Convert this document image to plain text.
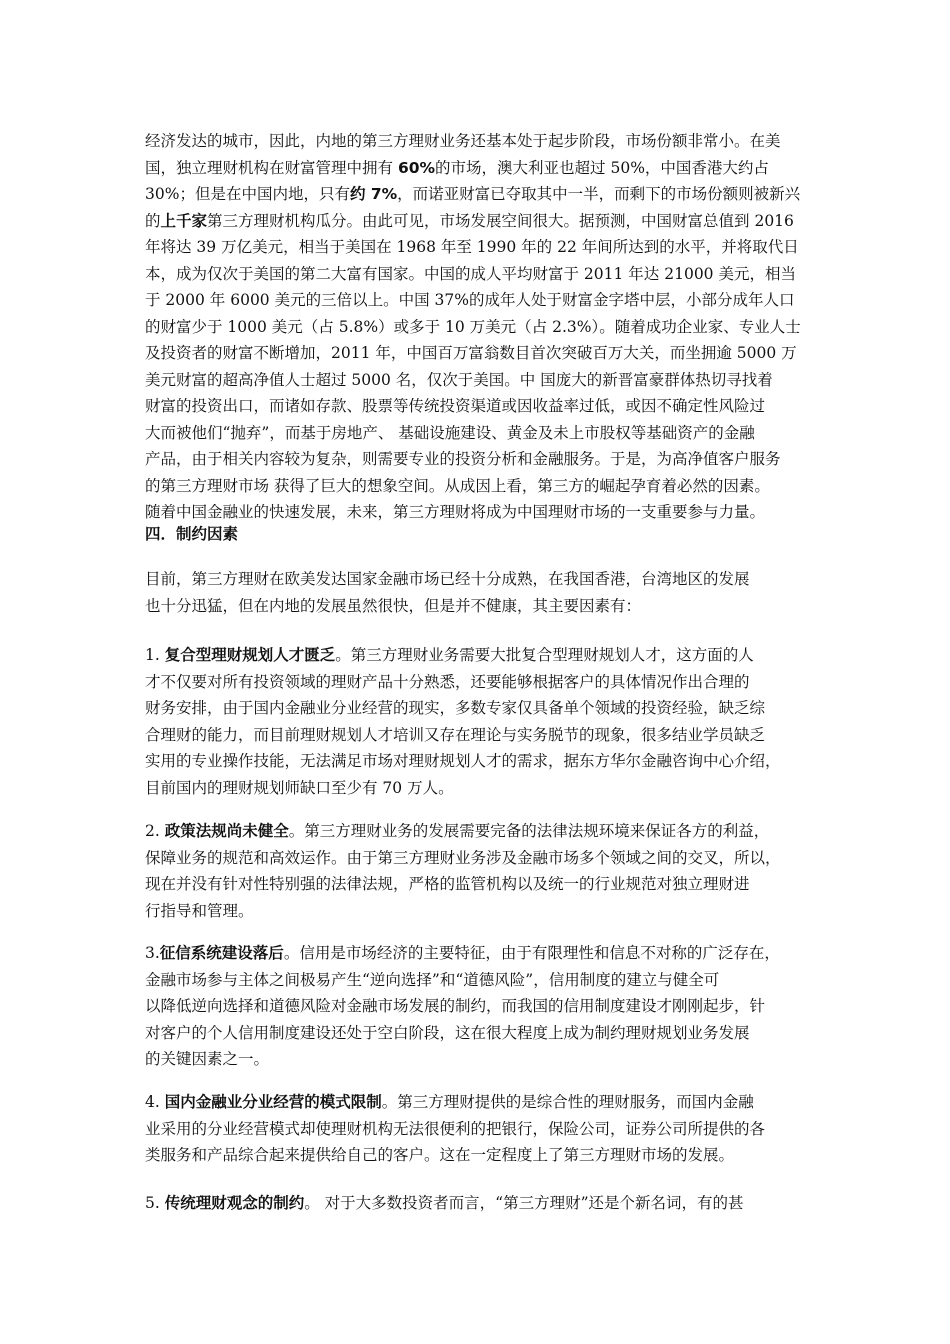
经济发达的城市，因此，内地的第三方理财业务还基本处于起步阶段，市场份额非常小。在美
国，独立理财机构在财富管理中拥有 60%的市场，澳大利亚也超过 50%，中国香港大约占
30%；但是在中国内地，只有约 7%，而诺亚财富已夺取其中一半，而剩下的市场份额则被新兴
的上千家第三方理财机构瓜分。由此可见，市场发展空间很大。据预测，中国财富总值到 2016
年将达 39 万亿美元，相当于美国在 1968 年至 1990 年的 22 年间所达到的水平，并将取代日
本，成为仅次于美国的第二大富有国家。中国的成人平均财富于 2011 年达 21000 美元，相当
于 2000 年 6000 美元的三倍以上。中国 37%的成年人处于财富金字塔中层，小部分成年人口
的财富少于 1000 美元（占 5.8%）或多于 10 万美元（占 2.3%）。随着成功企业家、专业人士
及投资者的财富不断增加，2011 年，中国百万富翁数目首次突破百万大关，而坐拥逾 5000 万
美元财富的超高净值人士超过 5000 名，仅次于美国。中 国庞大的新晋富豪群体热切寻找着
财富的投资出口，而诸如存款、股票等传统投资渠道或因收益率过低，或因不确定性风险过
大而被他们“抛弃”，而基于房地产、 基础设施建设、黄金及未上市股权等基础资产的金融
产品，由于相关内容较为复杂，则需要专业的投资分析和金融服务。于是，为高净值客户服务
的第三方理财市场 获得了巨大的想象空间。从成因上看，第三方的崛起孕育着必然的因素。
随着中国金融业的快速发展，未来，第三方理财将成为中国理财市场的一支重要参与力量。
四．制约因素
目前，第三方理财在欧美发达国家金融市场已经十分成熟，在我国香港，台湾地区的发展
也十分迅猛，但在内地的发展虽然很快，但是并不健康，其主要因素有：
1. 复合型理财规划人才匮乏。第三方理财业务需要大批复合型理财规划人才，这方面的人
才不仅要对所有投资领域的理财产品十分熟悉，还要能够根据客户的具体情况作出合理的
财务安排，由于国内金融业分业经营的现实，多数专家仅具备单个领域的投资经验，缺乏综
合理财的能力，而目前理财规划人才培训又存在理论与实务脱节的现象，很多结业学员缺乏
实用的专业操作技能，无法满足市场对理财规划人才的需求，据东方华尔金融咨询中心介绍，
目前国内的理财规划师缺口至少有 70 万人。
2. 政策法规尚未健全。第三方理财业务的发展需要完备的法律法规环境来保证各方的利益，
保障业务的规范和高效运作。由于第三方理财业务涉及金融市场多个领域之间的交叉，所以，
现在并没有针对性特别强的法律法规，严格的监管机构以及统一的行业规范对独立理财进
行指导和管理。
3.征信系统建设落后。信用是市场经济的主要特征，由于有限理性和信息不对称的广泛存在，
金融市场参与主体之间极易产生“逆向选择”和“道德风险”，信用制度的建立与健全可
以降低逆向选择和道德风险对金融市场发展的制约，而我国的信用制度建设才刚刚起步，针
对客户的个人信用制度建设还处于空白阶段，这在很大程度上成为制约理财规划业务发展
的关键因素之一。
4. 国内金融业分业经营的模式限制。第三方理财提供的是综合性的理财服务，而国内金融
业采用的分业经营模式却使理财机构无法很便利的把银行，保险公司，证券公司所提供的各
类服务和产品综合起来提供给自己的客户。这在一定程度上了第三方理财市场的发展。
5. 传统理财观念的制约。 对于大多数投资者而言，“第三方理财”还是个新名词，有的甚
